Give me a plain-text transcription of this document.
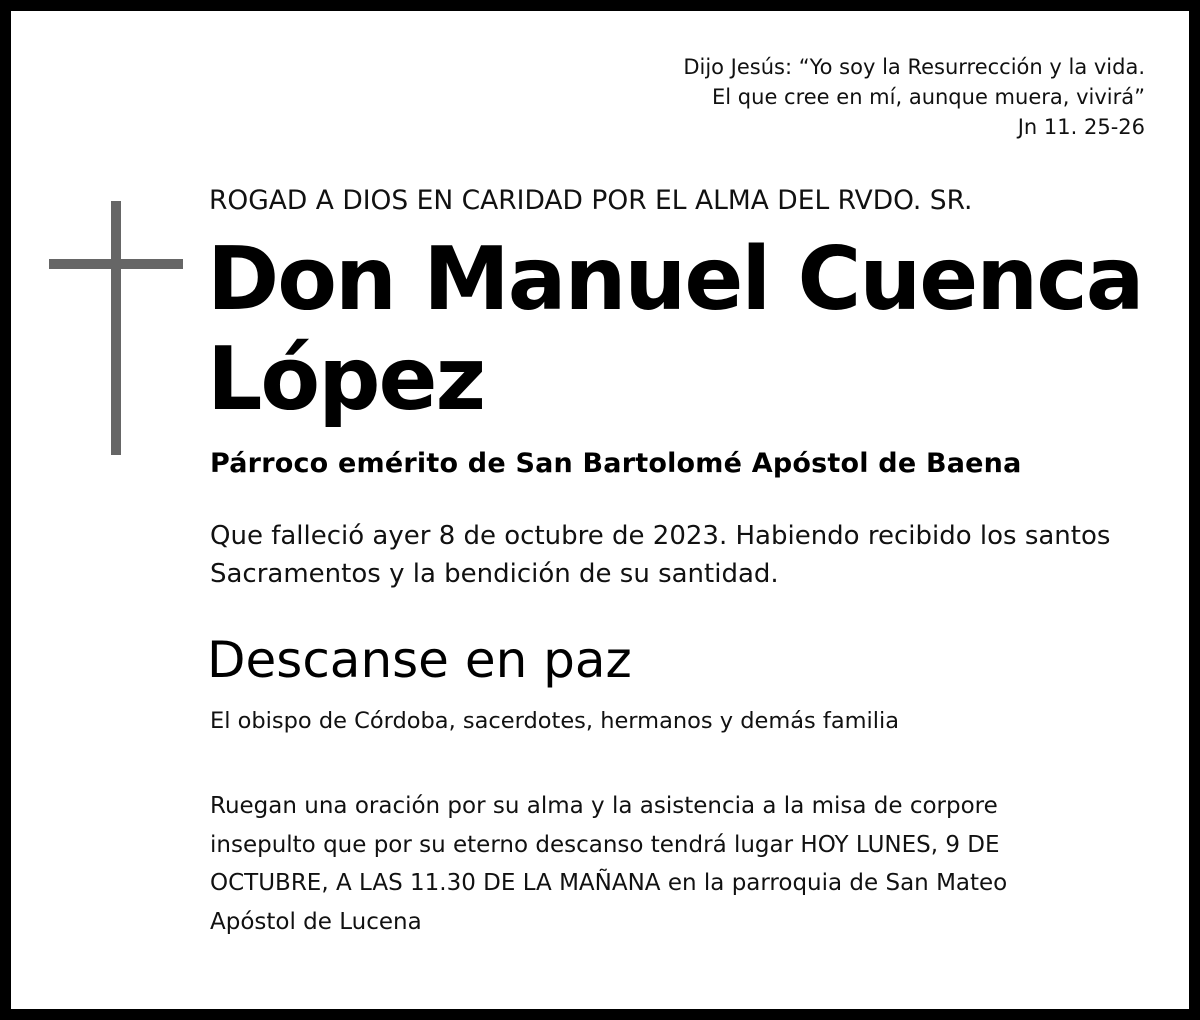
Dijo Jesús: “Yo soy la Resurrección y la vida.
El que cree en mí, aunque muera, vivirá”
Jn 11. 25-26

ROGAD A DIOS EN CARIDAD POR EL ALMA DEL RVDO. SR.

Don Manuel Cuenca
López

Párroco emérito de San Bartolomé Apóstol de Baena

Que falleció ayer 8 de octubre de 2023. Habiendo recibido los santos
Sacramentos y la bendición de su santidad.

Descanse en paz

El obispo de Córdoba, sacerdotes, hermanos y demás familia

Ruegan una oración por su alma y la asistencia a la misa de corpore
insepulto que por su eterno descanso tendrá lugar HOY LUNES, 9 DE
OCTUBRE, A LAS 11.30 DE LA MAÑANA en la parroquia de San Mateo
Apóstol de Lucena
